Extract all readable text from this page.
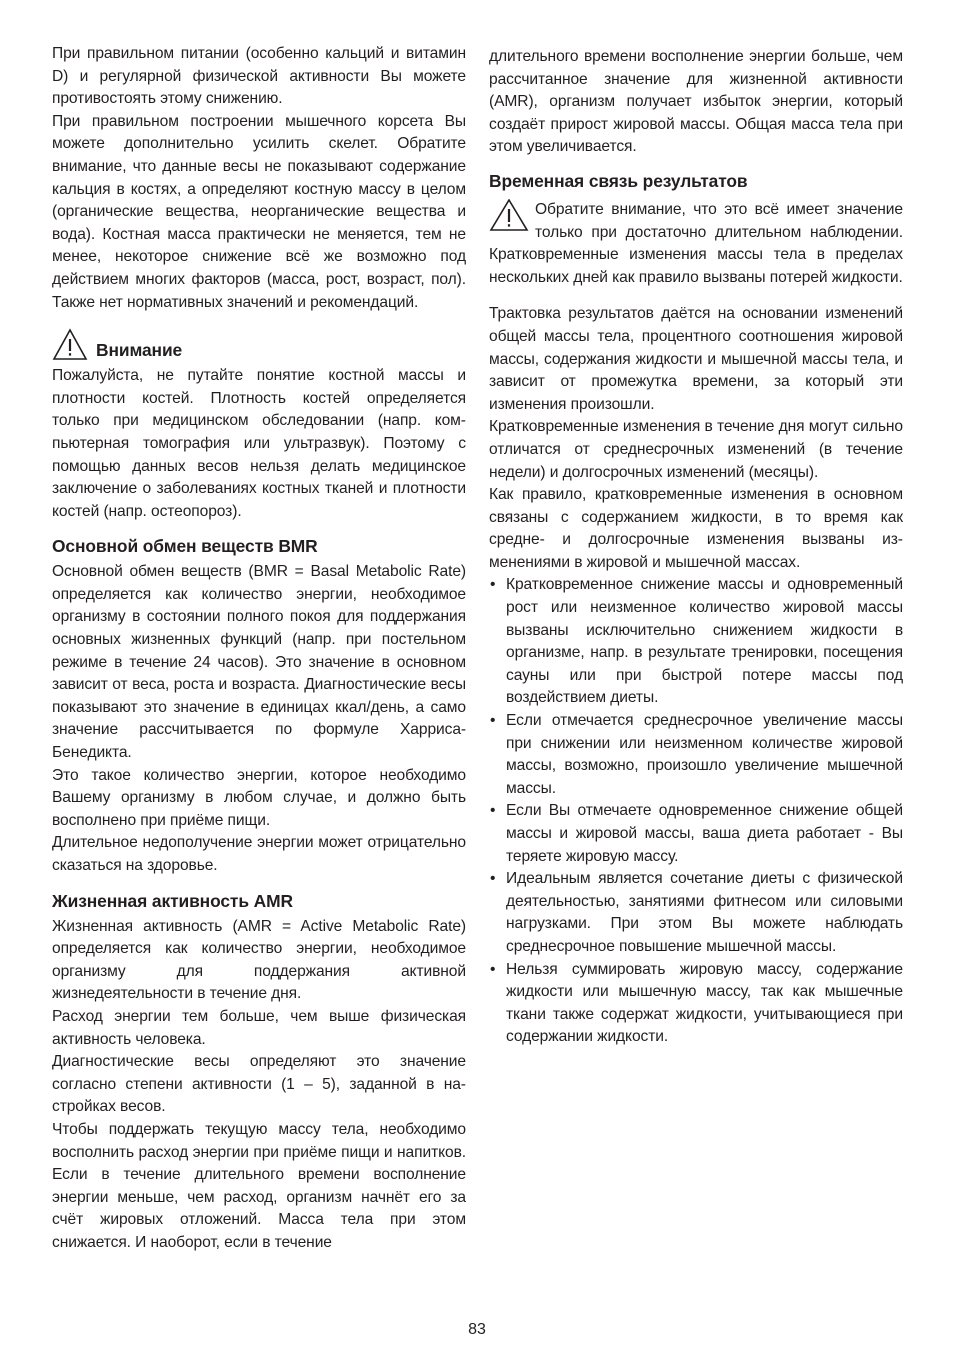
При правильном питании (особенно кальций и витамин D) и регулярной физической активности Вы можете противостоять этому снижению.

При правильном построении мышечного корсета Вы можете дополнительно усилить скелет. Обратите внимание, что данные весы не показывают содержание кальция в костях, а определяют костную массу в целом (органические вещества, неорганические вещества и вода). Костная масса практически не меняется, тем не менее, некоторое снижение всё же возможно под действием многих факторов (масса, рост, возраст, пол). Также нет нормативных значений и рекомендаций.

Внимание

Пожалуйста, не путайте понятие костной массы и плотности костей. Плотность костей определяется только при медицинском обследовании (напр. компьютерная томография или ультразвук). Поэтому с помощью данных весов нельзя делать медицинское заключение о заболеваниях костных тканей и плотности костей (напр. остеопороз).

Основной обмен веществ BMR

Основной обмен веществ (BMR = Basal Metabolic Rate) определяется как количество энергии, необходимое организму в состоянии полного покоя для поддержания основных жизненных функций (напр. при постельном режиме в течение 24 часов). Это значение в основном зависит от веса, роста и возраста. Диагностические весы показывают это значение в единицах ккал/день, а само значение рассчитывается по формуле Харриса-Бенедикта.

Это такое количество энергии, которое необходимо Вашему организму в любом случае, и должно быть восполнено при приёме пищи.

Длительное недополучение энергии может отрицательно сказаться на здоровье.

Жизненная активность AMR

Жизненная активность (AMR = Active Metabolic Rate) определяется как количество энергии, необходимое организму для поддержания активной жизнедеятельности в течение дня.

Расход энергии тем больше, чем выше физическая активность человека.

Диагностические весы определяют это значение согласно степени активности (1 – 5), заданной в настройках весов.

Чтобы поддержать текущую массу тела, необходимо восполнить расход энергии при приёме пищи и напитков. Если в течение длительного времени восполнение энергии меньше, чем расход, организм начнёт его за счёт жировых отложений. Масса тела при этом снижается. И наоборот, если в течение

длительного времени восполнение энергии больше, чем рассчитанное значение для жизненной активности (AMR), организм получает избыток энергии, который создаёт прирост жировой массы. Общая масса тела при этом увеличивается.

Временная связь результатов

Обратите внимание, что это всё имеет значение только при достаточно длительном наблюдении. Кратковременные изменения массы тела в пределах нескольких дней как правило вызваны потерей жидкости.

Трактовка результатов даётся на основании изменений общей массы тела, процентного соотношения жировой массы, содержания жидкости и мышечной массы тела, и зависит от промежутка времени, за который эти изменения произошли.

Кратковременные изменения в течение дня могут сильно отличатся от среднесрочных изменений (в течение недели) и долгосрочных изменений (месяцы).

Как правило, кратковременные изменения в основном связаны с содержанием жидкости, в то время как средне- и долгосрочные изменения вызваны изменениями в жировой и мышечной массах.

• Кратковременное снижение массы и одновременный рост или неизменное количество жировой массы вызваны исключительно снижением жидкости в организме, напр. в результате тренировки, посещения сауны или при быстрой потере массы под воздействием диеты.
• Если отмечается среднесрочное увеличение массы при снижении или неизменном количестве жировой массы, возможно, произошло увеличение мышечной массы.
• Если Вы отмечаете одновременное снижение общей массы и жировой массы, ваша диета работает - Вы теряете жировую массу.
• Идеальным является сочетание диеты с физической деятельностью, занятиями фитнесом или силовыми нагрузками. При этом Вы можете наблюдать среднесрочное повышение мышечной массы.
• Нельзя суммировать жировую массу, содержание жидкости или мышечную массу, так как мышечные ткани также содержат жидкости, учитывающиеся при содержании жидкости.
83
